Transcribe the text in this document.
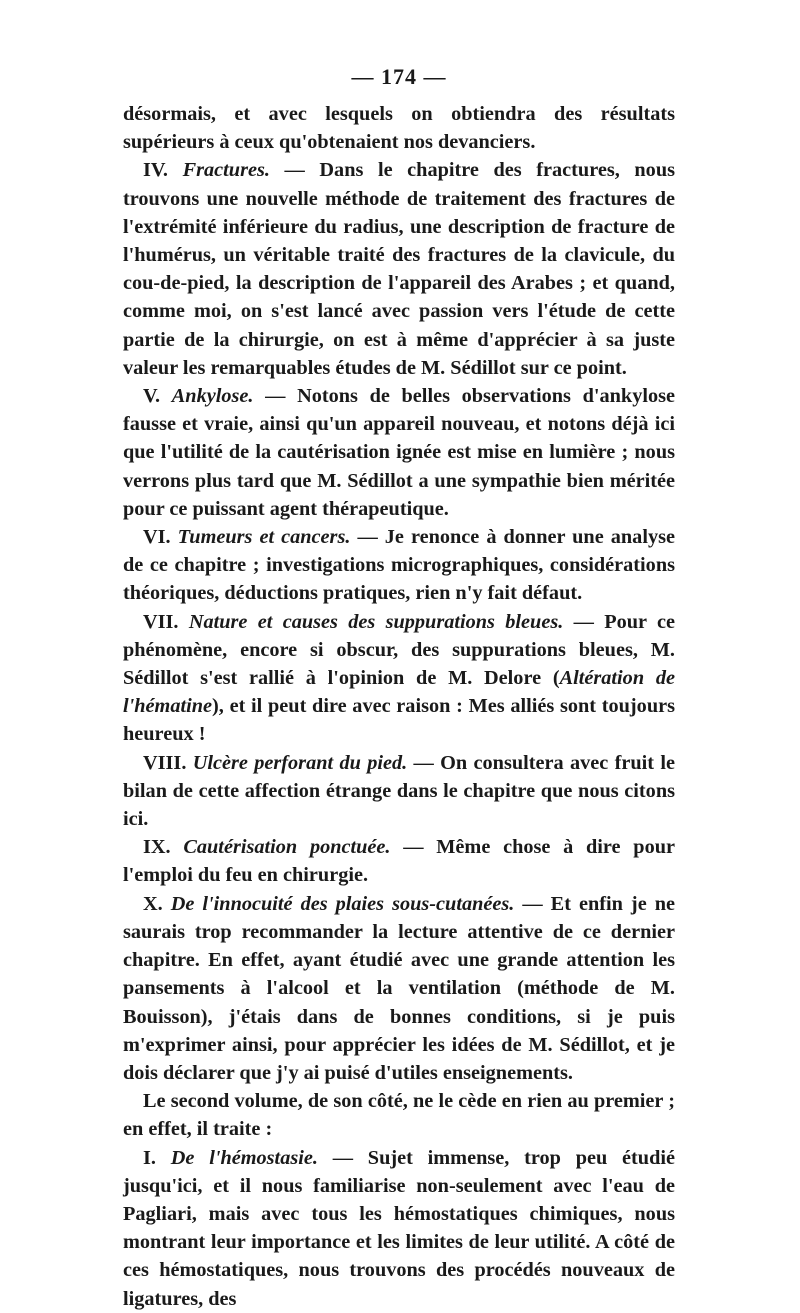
— 174 —

désormais, et avec lesquels on obtiendra des résultats supérieurs à ceux qu'obtenaient nos devanciers.

IV. Fractures. — Dans le chapitre des fractures, nous trouvons une nouvelle méthode de traitement des fractures de l'extrémité inférieure du radius, une description de fracture de l'humérus, un véritable traité des fractures de la clavicule, du cou-de-pied, la description de l'appareil des Arabes ; et quand, comme moi, on s'est lancé avec passion vers l'étude de cette partie de la chirurgie, on est à même d'apprécier à sa juste valeur les remarquables études de M. Sédillot sur ce point.

V. Ankylose. — Notons de belles observations d'ankylose fausse et vraie, ainsi qu'un appareil nouveau, et notons déjà ici que l'utilité de la cautérisation ignée est mise en lumière ; nous verrons plus tard que M. Sédillot a une sympathie bien méritée pour ce puissant agent thérapeutique.

VI. Tumeurs et cancers. — Je renonce à donner une analyse de ce chapitre ; investigations micrographiques, considérations théoriques, déductions pratiques, rien n'y fait défaut.

VII. Nature et causes des suppurations bleues. — Pour ce phénomène, encore si obscur, des suppurations bleues, M. Sédillot s'est rallié à l'opinion de M. Delore (Altération de l'hématine), et il peut dire avec raison : Mes alliés sont toujours heureux !

VIII. Ulcère perforant du pied. — On consultera avec fruit le bilan de cette affection étrange dans le chapitre que nous citons ici.

IX. Cautérisation ponctuée. — Même chose à dire pour l'emploi du feu en chirurgie.

X. De l'innocuité des plaies sous-cutanées. — Et enfin je ne saurais trop recommander la lecture attentive de ce dernier chapitre. En effet, ayant étudié avec une grande attention les pansements à l'alcool et la ventilation (méthode de M. Bouisson), j'étais dans de bonnes conditions, si je puis m'exprimer ainsi, pour apprécier les idées de M. Sédillot, et je dois déclarer que j'y ai puisé d'utiles enseignements.

Le second volume, de son côté, ne le cède en rien au premier ; en effet, il traite :

I. De l'hémostasie. — Sujet immense, trop peu étudié jusqu'ici, et il nous familiarise non-seulement avec l'eau de Pagliari, mais avec tous les hémostatiques chimiques, nous montrant leur importance et les limites de leur utilité. A côté de ces hémostatiques, nous trouvons des procédés nouveaux de ligatures, des
